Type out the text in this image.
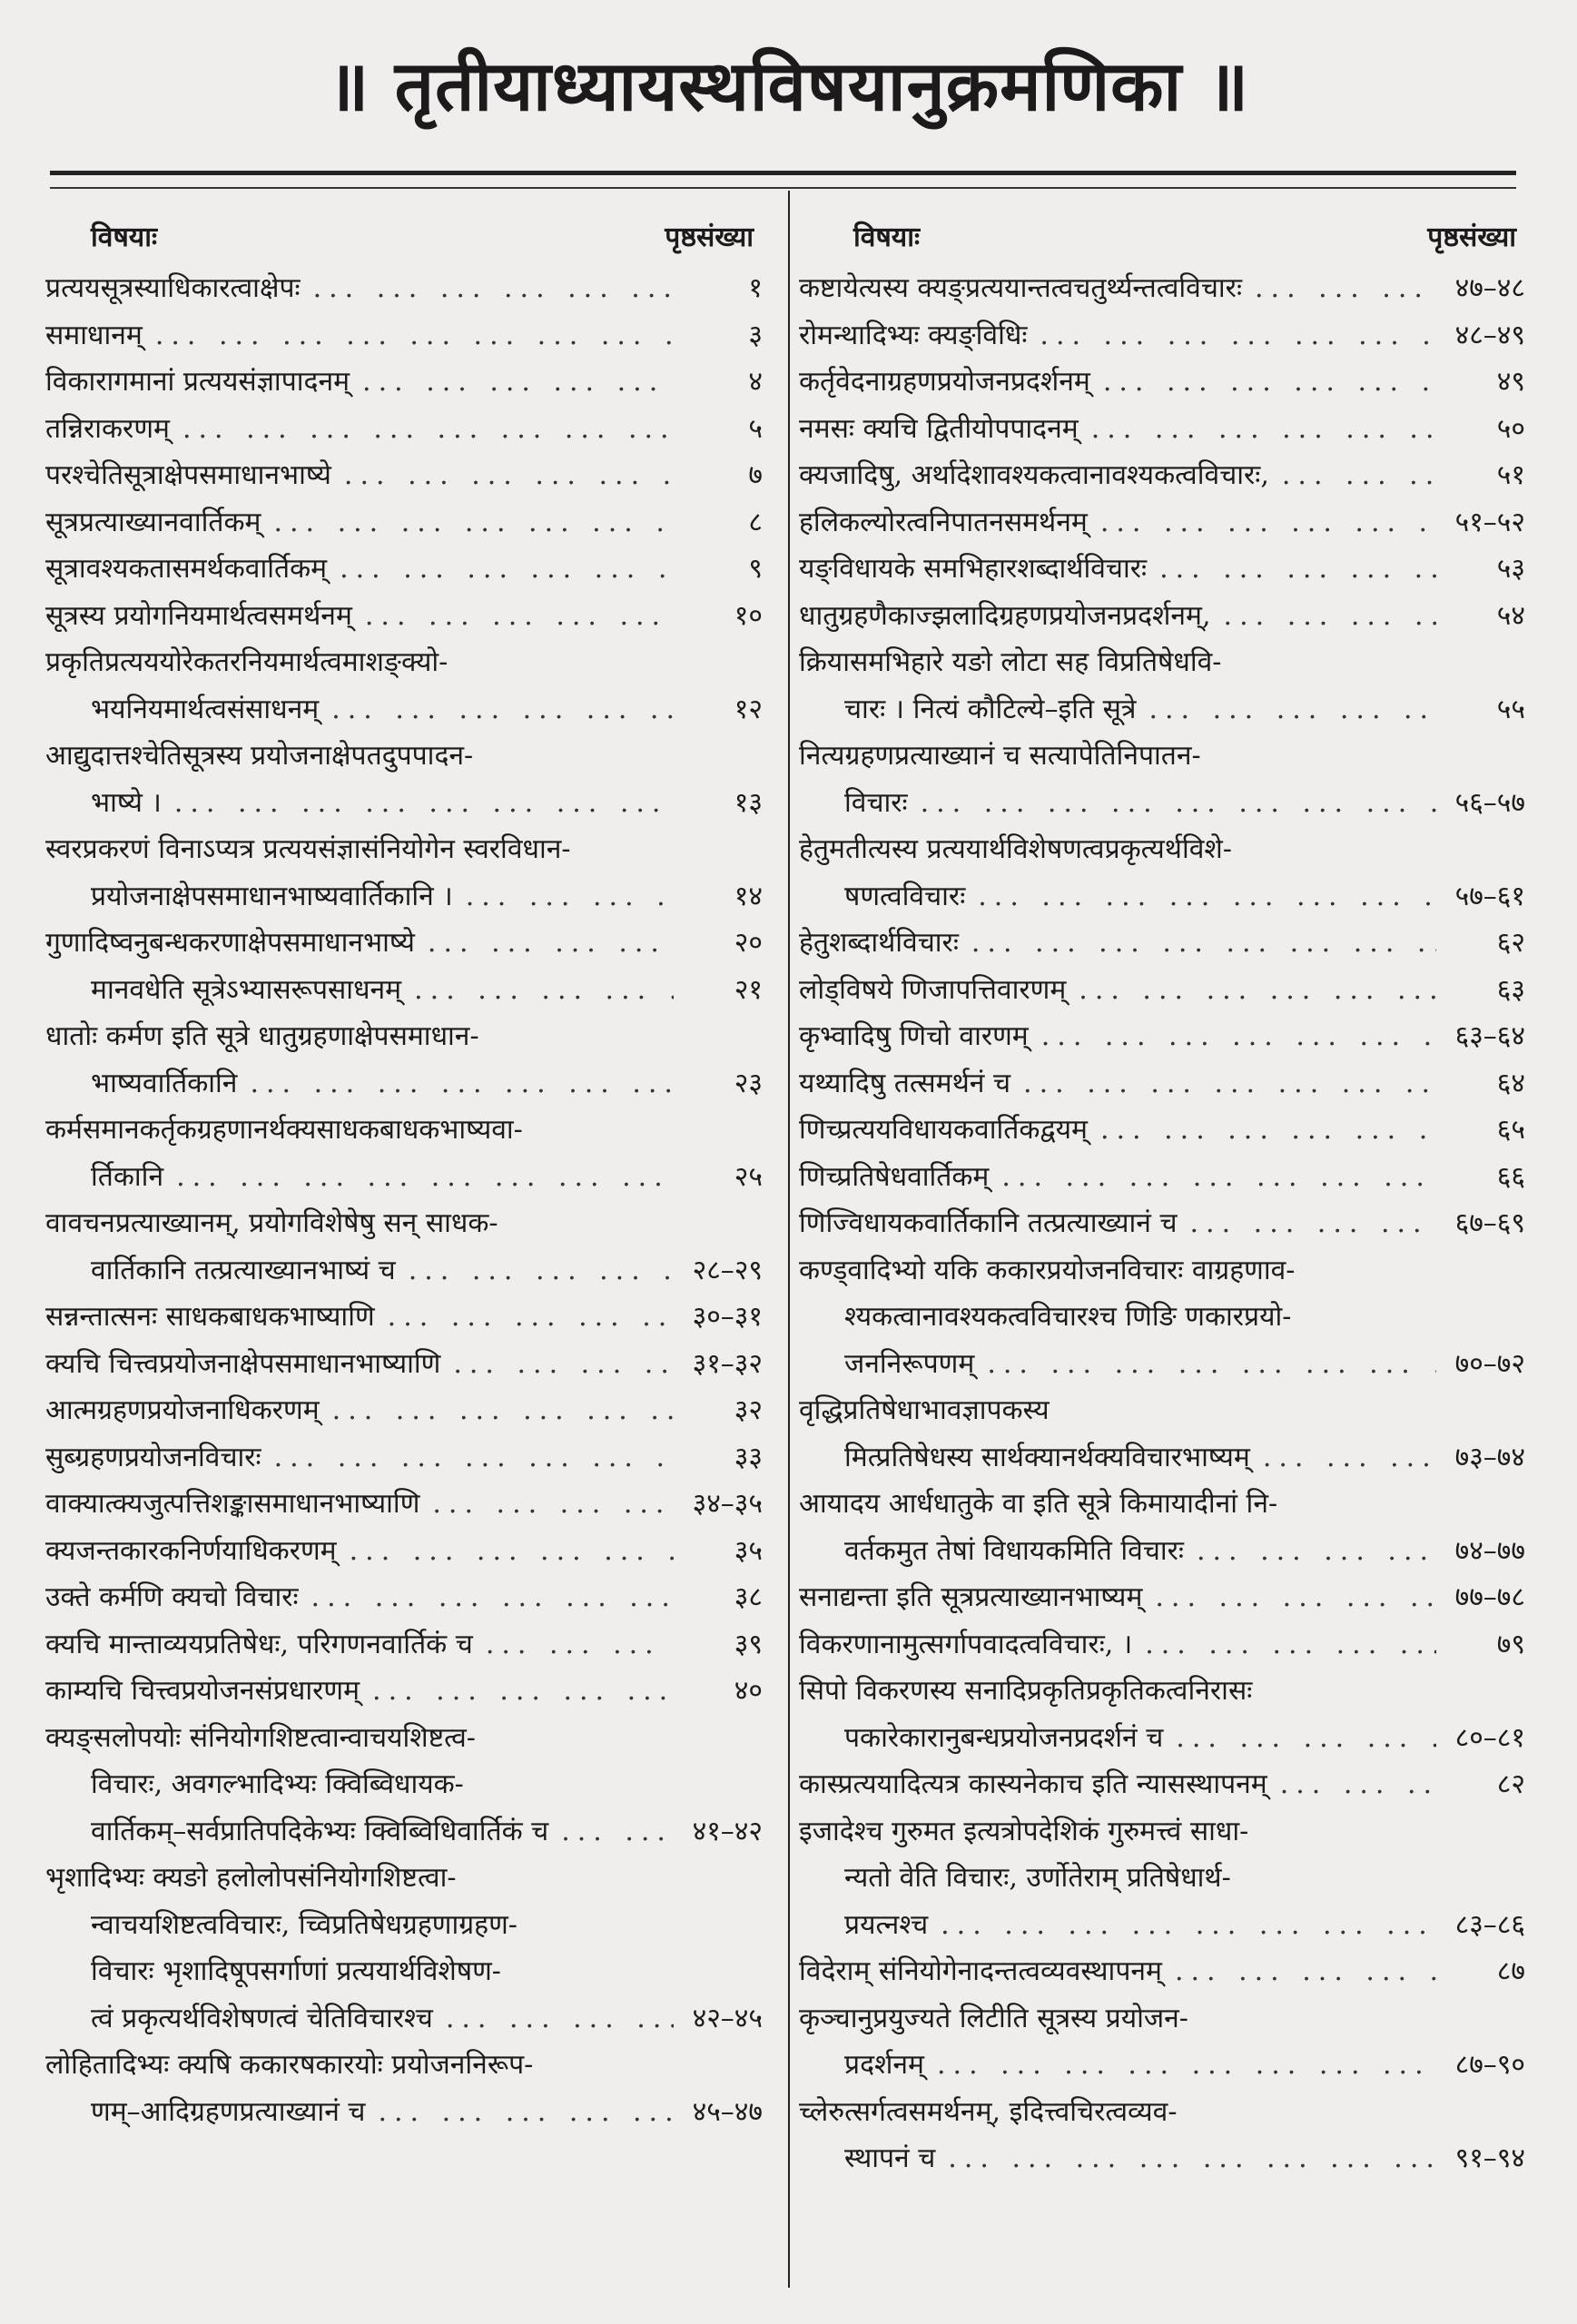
॥ तृतीयाध्यायस्थविषयानुक्रमणिका ॥
विषयाः	पृष्ठसंख्या
प्रत्ययसूत्रस्याधिकारत्वाक्षेपः ... .	१
समाधानम् ... .	३
विकारागमानां प्रत्ययसंज्ञापादनम् ... .	४
तन्निराकरणम् ... .	५
परश्चेतिसूत्राक्षेपसमाधानभाष्ये ... .	७
सूत्रप्रत्याख्यानवार्तिकम् ... .	८
सूत्रावश्यकतासमर्थकवार्तिकम् ... .	९
सूत्रस्य प्रयोगनियमार्थत्वसमर्थनम् ... .	१०
प्रकृतिप्रत्यययोरेकतरनियमार्थत्वमाशङ्क्यो-
भयनियमार्थत्वसंसाधनम् ... .	१२
आद्युदात्तश्चेतिसूत्रस्य प्रयोजनाक्षेपतदुपपादन-
भाष्ये । ... .	१३
स्वरप्रकरणं विनाऽप्यत्र प्रत्ययसंज्ञासंनियोगेन स्वरविधान-
प्रयोजनाक्षेपसमाधानभाष्यवार्तिकानि । ... .	१४
गुणादिष्वनुबन्धकरणाक्षेपसमाधानभाष्ये ... .	२०
मानवधेति सूत्रेऽभ्यासरूपसाधनम् ... .	२१
धातोः कर्मण इति सूत्रे धातुग्रहणाक्षेपसमाधान-
भाष्यवार्तिकानि ... .	२३
कर्मसमानकर्तृकग्रहणानर्थक्यसाधकबाधकभाष्यवा-
र्तिकानि ... .	२५
वावचनप्रत्याख्यानम्, प्रयोगविशेषेषु सन् साधक-
वार्तिकानि तत्प्रत्याख्यानभाष्यं च ... .	२८–२९
सन्नन्तात्सनः साधकबाधकभाष्याणि ... .	३०–३१
क्यचि चित्त्वप्रयोजनाक्षेपसमाधानभाष्याणि ... .	३१–३२
आत्मग्रहणप्रयोजनाधिकरणम् ... .	३२
सुब्ग्रहणप्रयोजनविचारः ... .	३३
वाक्यात्क्यजुत्पत्तिशङ्कासमाधानभाष्याणि ... .	३४–३५
क्यजन्तकारकनिर्णयाधिकरणम् ... .	३५
उक्ते कर्मणि क्यचो विचारः ... .	३८
क्यचि मान्ताव्ययप्रतिषेधः, परिगणनवार्तिकं च ... .	३९
काम्यचि चित्त्वप्रयोजनसंप्रधारणम् ... .	४०
क्यङ्सलोपयोः संनियोगशिष्टत्वान्वाचयशिष्टत्व-
विचारः, अवगल्भादिभ्यः क्विब्विधायक-
वार्तिकम्–सर्वप्रातिपदिकेभ्यः क्विब्विधिवार्तिकं च ... .	४१–४२
भृशादिभ्यः क्यङो हलोलोपसंनियोगशिष्टत्वा-
न्वाचयशिष्टत्वविचारः, च्विप्रतिषेधग्रहणाग्रहण-
विचारः भृशादिषूपसर्गाणां प्रत्ययार्थविशेषण-
त्वं प्रकृत्यर्थविशेषणत्वं चेतिविचारश्च ... .	४२–४५
लोहितादिभ्यः क्यषि ककारषकारयोः प्रयोजननिरूप-
णम्–आदिग्रहणप्रत्याख्यानं च ... .	४५–४७
विषयाः	पृष्ठसंख्या
कष्टायेत्यस्य क्यङ्प्रत्ययान्तत्वचतुर्थ्यन्तत्वविचारः ... .	४७–४८
रोमन्थादिभ्यः क्यङ्विधिः ... .	४८–४९
कर्तृवेदनाग्रहणप्रयोजनप्रदर्शनम् ... .	४९
नमसः क्यचि द्वितीयोपपादनम् ... .	५०
क्यजादिषु, अर्थादेशावश्यकत्वानावश्यकत्वविचारः, ... .	५१
हलिकल्योरत्वनिपातनसमर्थनम् ... .	५१–५२
यङ्विधायके समभिहारशब्दार्थविचारः ... .	५३
धातुग्रहणैकाज्झलादिग्रहणप्रयोजनप्रदर्शनम्, ... .	५४
क्रियासमभिहारे यङो लोटा सह विप्रतिषेधवि-
चारः । नित्यं कौटिल्ये–इति सूत्रे ... .	५५
नित्यग्रहणप्रत्याख्यानं च सत्यापेतिनिपातन-
विचारः ... .	५६–५७
हेतुमतीत्यस्य प्रत्ययार्थविशेषणत्वप्रकृत्यर्थविशे-
षणत्वविचारः ... .	५७–६१
हेतुशब्दार्थविचारः ... .	६२
लोड्विषये णिजापत्तिवारणम् ... .	६३
कृभ्वादिषु णिचो वारणम् ... .	६३–६४
यथ्यादिषु तत्समर्थनं च ... .	६४
णिच्प्रत्ययविधायकवार्तिकद्वयम् ... .	६५
णिच्प्रतिषेधवार्तिकम् ... .	६६
णिज्विधायकवार्तिकानि तत्प्रत्याख्यानं च ... .	६७–६९
कण्ड्वादिभ्यो यकि ककारप्रयोजनविचारः वाग्रहणाव-
श्यकत्वानावश्यकत्वविचारश्च णिङि णकारप्रयो-
जननिरूपणम् ... .	७०–७२
वृद्धिप्रतिषेधाभावज्ञापकस्य
मित्प्रतिषेधस्य सार्थक्यानर्थक्यविचारभाष्यम् ... .	७३–७४
आयादय आर्धधातुके वा इति सूत्रे किमायादीनां नि-
वर्तकमुत तेषां विधायकमिति विचारः ... .	७४–७७
सनाद्यन्ता इति सूत्रप्रत्याख्यानभाष्यम् ... .	७७–७८
विकरणानामुत्सर्गापवादत्वविचारः, । ... .	७९
सिपो विकरणस्य सनादिप्रकृतिप्रकृतिकत्वनिरासः
पकारेकारानुबन्धप्रयोजनप्रदर्शनं च ... .	८०–८१
कास्प्रत्ययादित्यत्र कास्यनेकाच इति न्यासस्थापनम् ... .	८२
इजादेश्च गुरुमत इत्यत्रोपदेशिकं गुरुमत्त्वं साधा-
न्यतो वेति विचारः, उर्णोतेराम् प्रतिषेधार्थ-
प्रयत्नश्च ... .	८३–८६
विदेराम् संनियोगेनादन्तत्वव्यवस्थापनम् ... .	८७
कृञ्चानुप्रयुज्यते लिटीति सूत्रस्य प्रयोजन-
प्रदर्शनम् ... .	८७–९०
च्लेरुत्सर्गत्वसमर्थनम्, इदित्त्वचिरत्वव्यव-
स्थापनं च ... .	९१–९४
